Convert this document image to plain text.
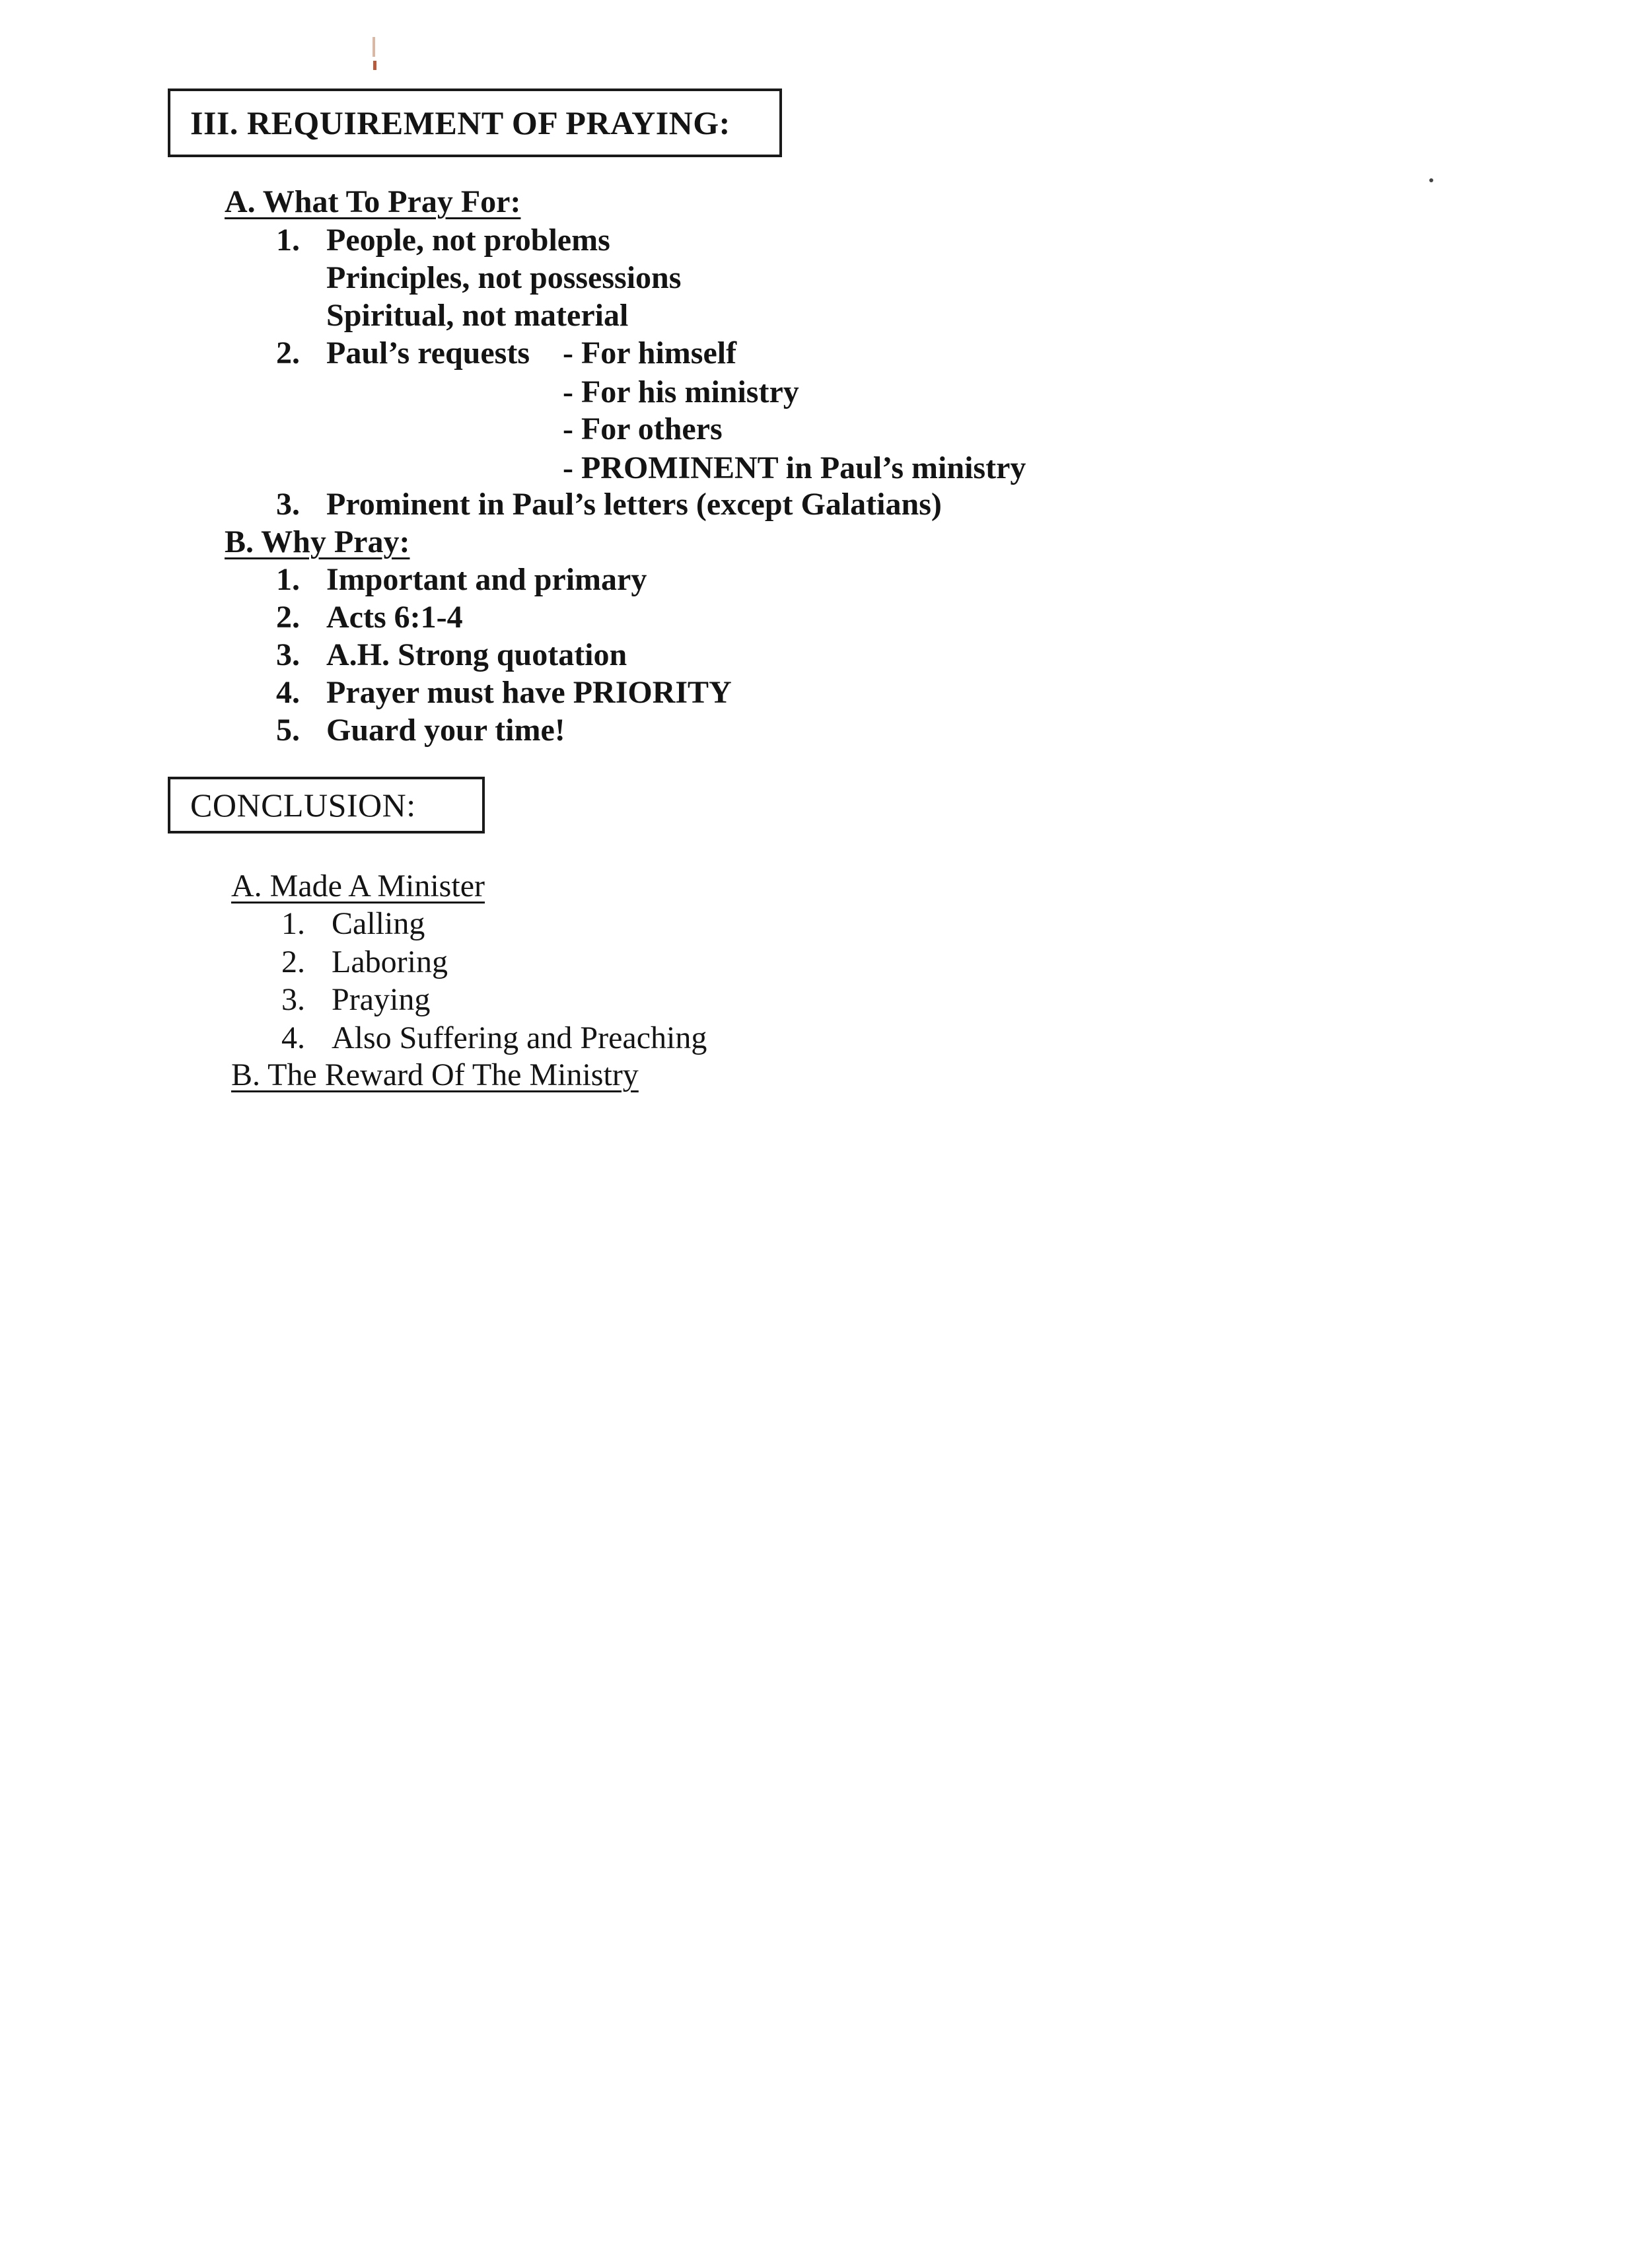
III. REQUIREMENT OF PRAYING:
A. What To Pray For:
1. People, not problems
Principles, not possessions
Spiritual, not material
2. Paul’s requests - For himself
- For his ministry
- For others
- PROMINENT in Paul’s ministry
3. Prominent in Paul’s letters (except Galatians)
B. Why Pray:
1. Important and primary
2. Acts 6:1-4
3. A.H. Strong quotation
4. Prayer must have PRIORITY
5. Guard your time!
CONCLUSION:
A. Made A Minister
1. Calling
2. Laboring
3. Praying
4. Also Suffering and Preaching
B. The Reward Of The Ministry
